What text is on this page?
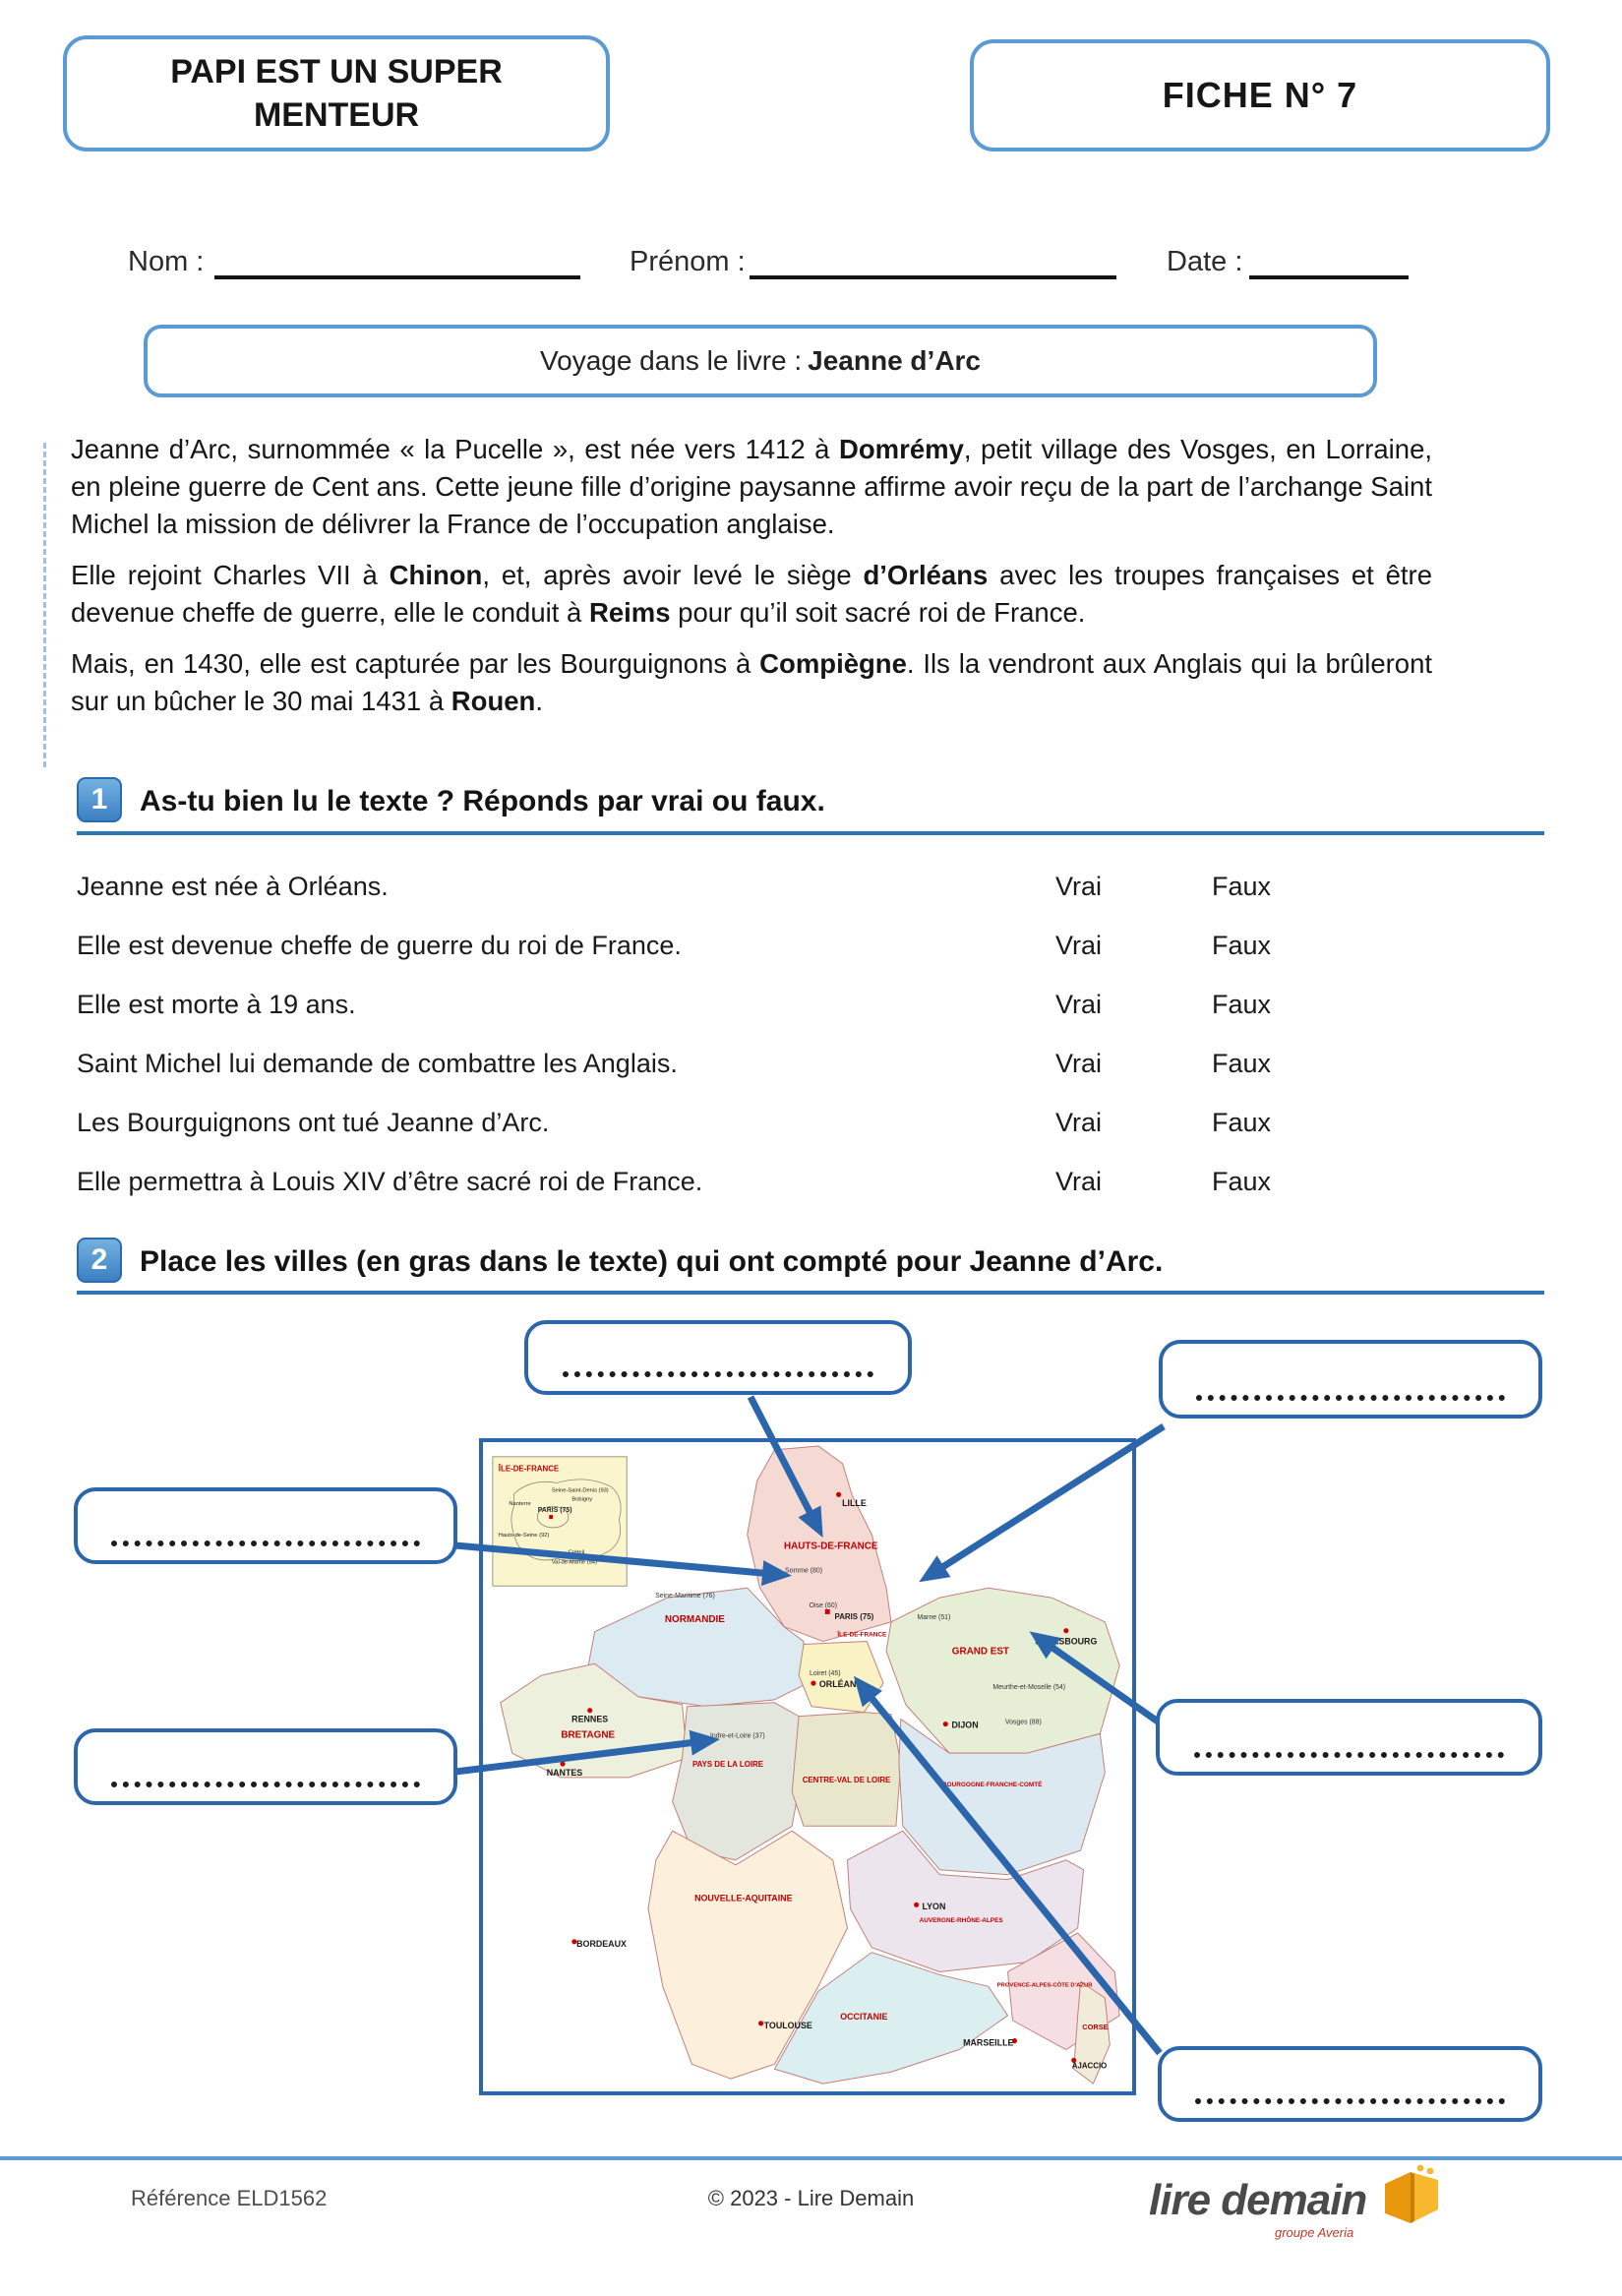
PAPI EST UN SUPER MENTEUR	FICHE N° 7
Nom :	Prénom :	Date :
Voyage dans le livre : Jeanne d’Arc

Jeanne d’Arc, surnommée « la Pucelle », est née vers 1412 à Domrémy, petit village des Vosges, en Lorraine, en pleine guerre de Cent ans. Cette jeune fille d’origine paysanne affirme avoir reçu de la part de l’archange Saint Michel la mission de délivrer la France de l’occupation anglaise.

Elle rejoint Charles VII à Chinon, et, après avoir levé le siège d’Orléans avec les troupes françaises et être devenue cheffe de guerre, elle le conduit à Reims pour qu’il soit sacré roi de France.

Mais, en 1430, elle est capturée par les Bourguignons à Compiègne. Ils la vendront aux Anglais qui la brûleront sur un bûcher le 30 mai 1431 à Rouen.

1 As-tu bien lu le texte ? Réponds par vrai ou faux.
Jeanne est née à Orléans.	Vrai	Faux
Elle est devenue cheffe de guerre du roi de France.	Vrai	Faux
Elle est morte à 19 ans.	Vrai	Faux
Saint Michel lui demande de combattre les Anglais.	Vrai	Faux
Les Bourguignons ont tué Jeanne d’Arc.	Vrai	Faux
Elle permettra à Louis XIV d’être sacré roi de France.	Vrai	Faux
2 Place les villes (en gras dans le texte) qui ont compté pour Jeanne d’Arc.
HAUTS-DE-FRANCE
NORMANDIE
ÎLE-DE-FRANCE
GRAND EST
BRETAGNE
PAYS DE LA LOIRE
CENTRE-VAL DE LOIRE
BOURGOGNE-FRANCHE-COMTÉ
NOUVELLE-AQUITAINE
AUVERGNE-RHÔNE-ALPES
OCCITANIE
PROVENCE-ALPES-CÔTE D'AZUR
CORSE
Somme (80)
Oise (60)
Marne (51)
Seine-Maritime (76)
Loiret (45)
Indre-et-Loire (37)
Vosges (88)
Meurthe-et-Moselle (54)
LILLE
PARIS (75)
STRASBOURG
RENNES
NANTES
ORLÉANS
DIJON
LYON
BORDEAUX
TOULOUSE
MARSEILLE
AJACCIO
ÎLE-DE-FRANCE
PARIS (75)
Nanterre
Seine-Saint-Denis (93)
Bobigny
Hauts-de-Seine (92)
Créteil
Val-de-Marne (94)
Référence ELD1562	© 2023 - Lire Demain	lire demain
groupe Averia
